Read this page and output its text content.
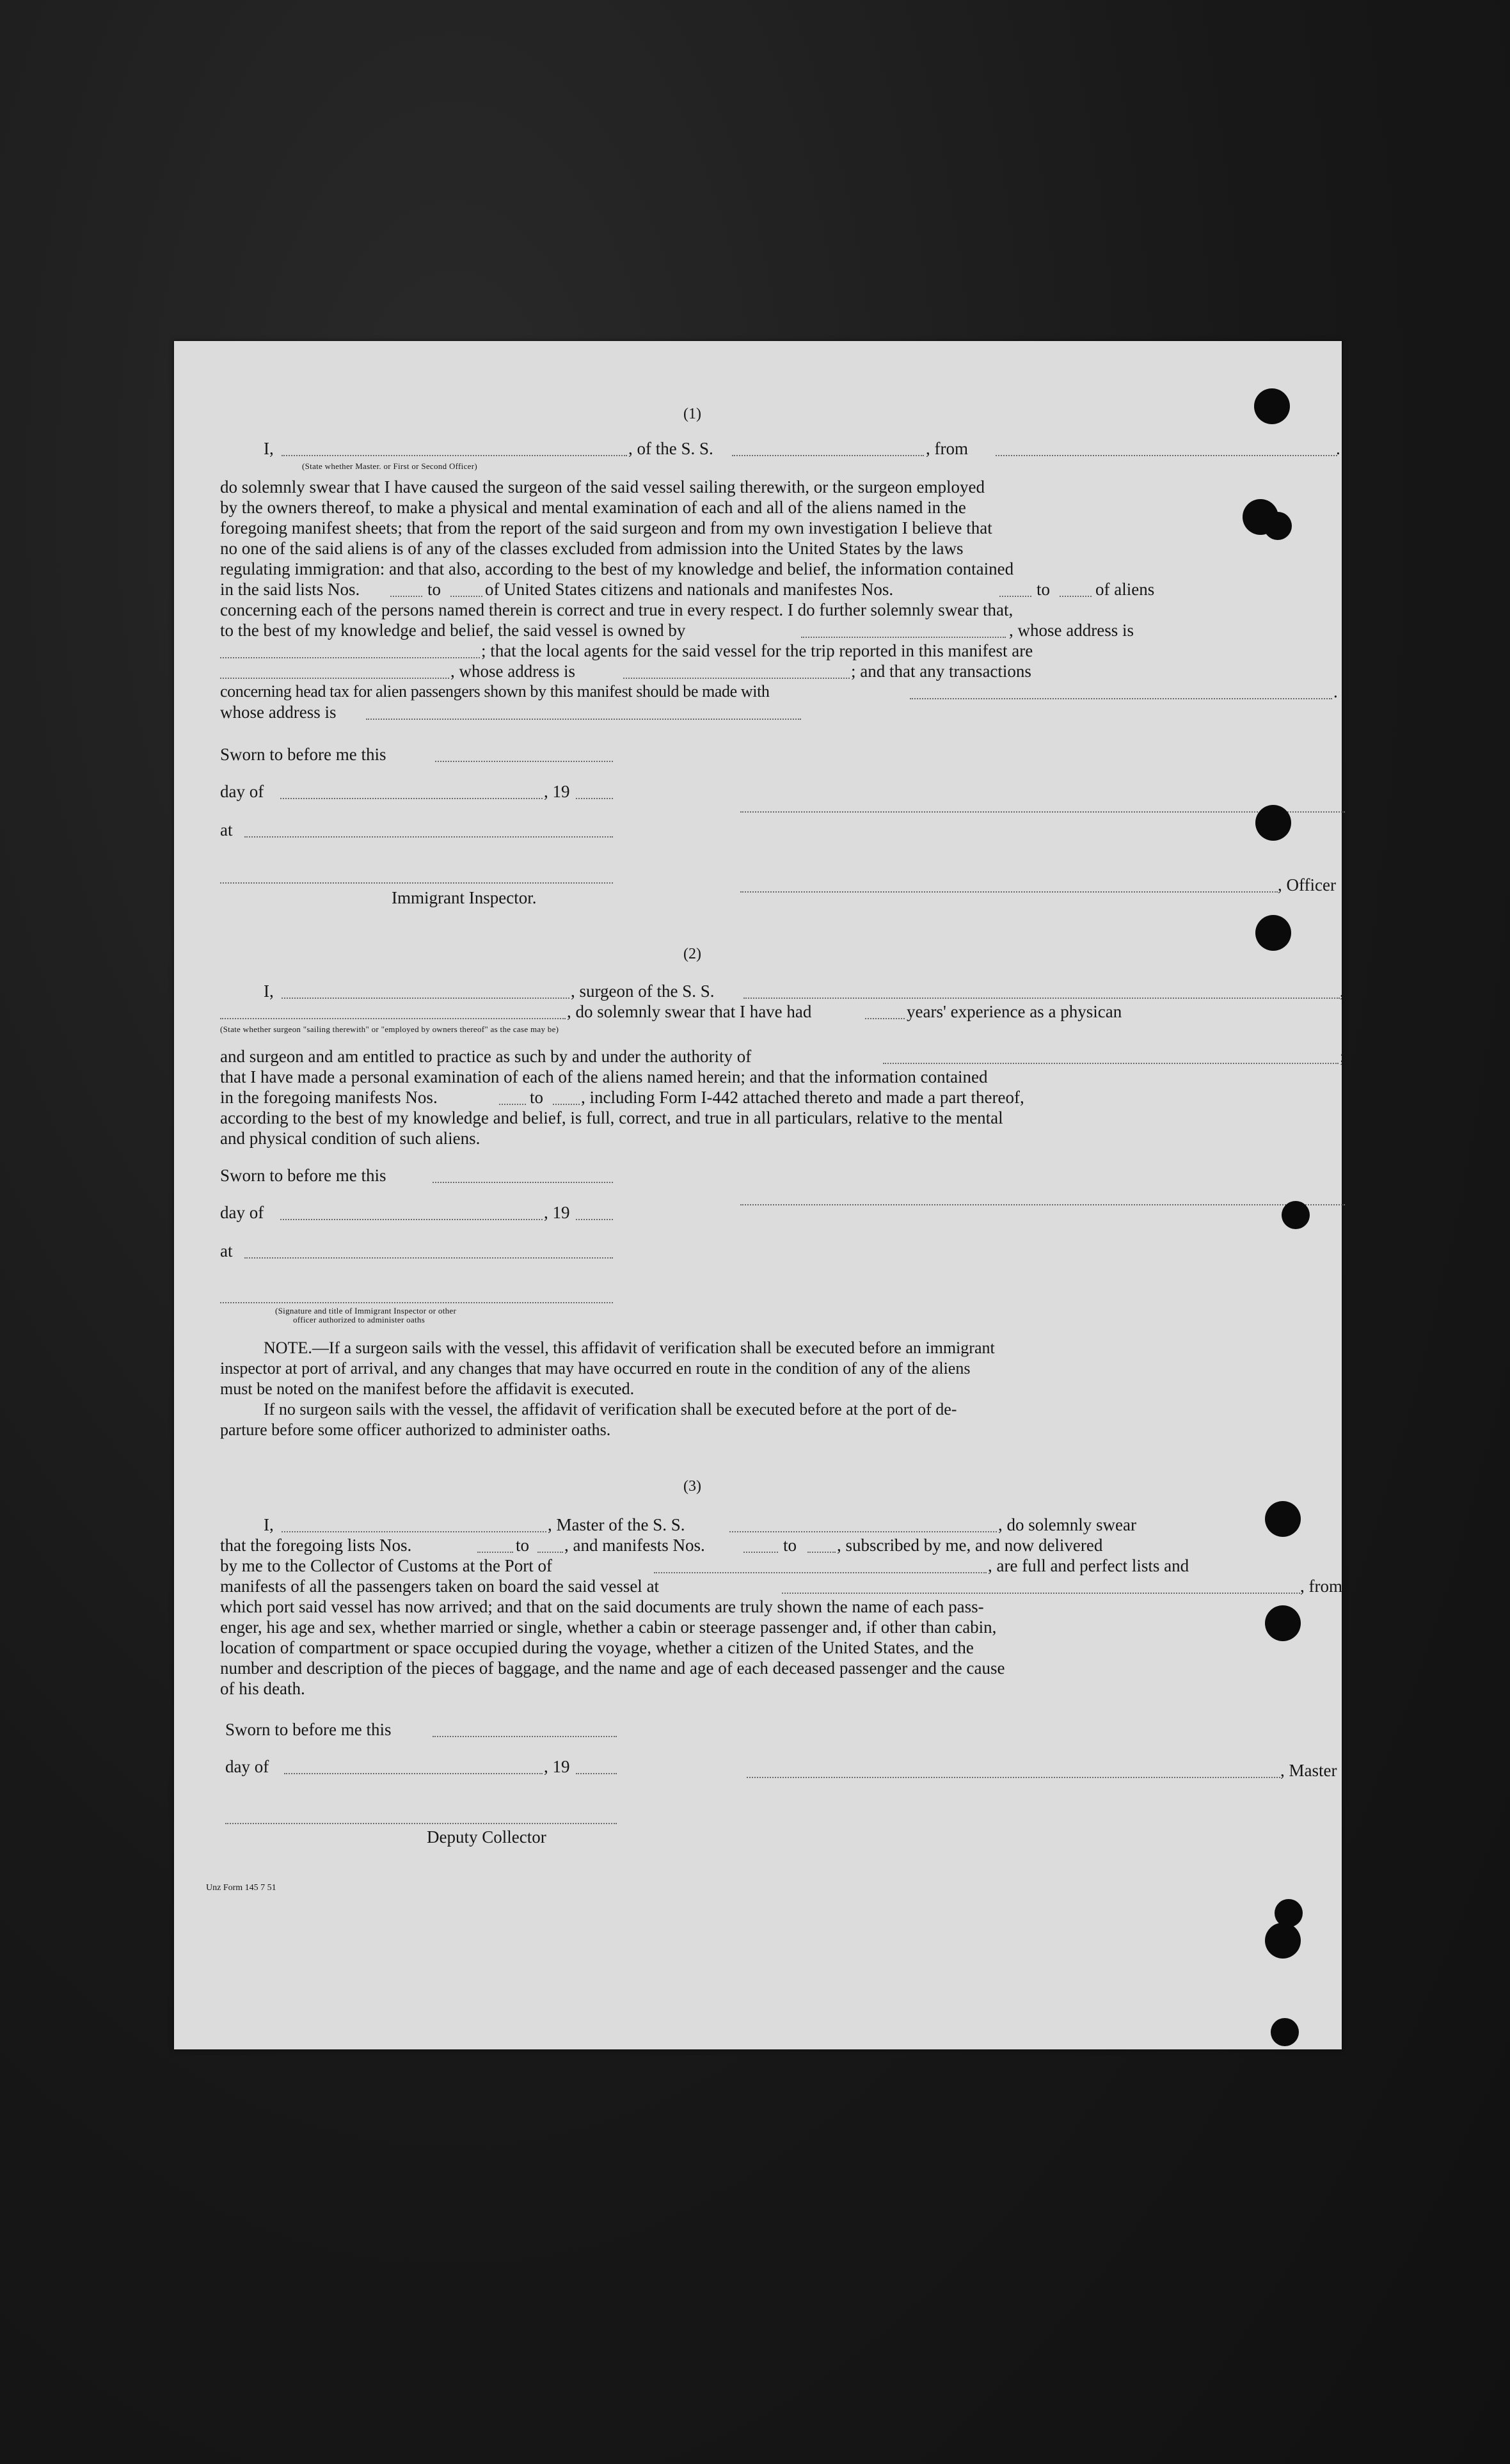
(1)
I,	, of the S. S.	, from	.
(State whether Master. or First or Second Officer)

do solemnly swear that I have caused the surgeon of the said vessel sailing therewith, or the surgeon employed

by the owners thereof, to make a physical and mental examination of each and all of the aliens named in the

foregoing manifest sheets; that from the report of the said surgeon and from my own investigation I believe that

no one of the said aliens is of any of the classes excluded from admission into the United States by the laws

regulating immigration: and that also, according to the best of my knowledge and belief, the information contained

in the said lists Nos.	to	of United States citizens and nationals and manifestes Nos.	to	of aliens
concerning each of the persons named therein is correct and true in every respect. I do further solemnly swear that,
to the best of my knowledge and belief, the said vessel is owned by	, whose address is
; that the local agents for the said vessel for the trip reported in this manifest are
, whose address is	; and that any transactions
concerning head tax for alien passengers shown by this manifest should be made with	.
whose address is
Sworn to before me this
day of	, 19
at
, Officer
Immigrant Inspector.
(2)
I,	, surgeon of the S. S.	,
, do solemnly swear that I have had	years' experience as a physican
(State whether surgeon "sailing therewith" or "employed by owners thereof" as the case may be)
and surgeon and am entitled to practice as such by and under the authority of	;
that I have made a personal examination of each of the aliens named herein; and that the information contained
in the foregoing manifests Nos.	to , including Form I-442 attached thereto and made a part thereof,
according to the best of my knowledge and belief, is full, correct, and true in all particulars, relative to the mental
and physical condition of such aliens.
Sworn to before me this
day of	, 19
at
(Signature and title of Immigrant Inspector or other
officer authorized to administer oaths
NOTE.—If a surgeon sails with the vessel, this affidavit of verification shall be executed before an immigrant
inspector at port of arrival, and any changes that may have occurred en route in the condition of any of the aliens
must be noted on the manifest before the affidavit is executed.
If no surgeon sails with the vessel, the affidavit of verification shall be executed before at the port of de-
parture before some officer authorized to administer oaths.
(3)
I,	, Master of the S. S.	, do solemnly swear
that the foregoing lists Nos.	to , and manifests Nos.	to , subscribed by me, and now delivered
by me to the Collector of Customs at the Port of	, are full and perfect lists and
manifests of all the passengers taken on board the said vessel at	, from

which port said vessel has now arrived; and that on the said documents are truly shown the name of each pass-

enger, his age and sex, whether married or single, whether a cabin or steerage passenger and, if other than cabin,

location of compartment or space occupied during the voyage, whether a citizen of the United States, and the

number and description of the pieces of baggage, and the name and age of each deceased passenger and the cause

of his death.
Sworn to before me this
day of	, 19	, Master
Deputy Collector
Unz Form 145 7 51
